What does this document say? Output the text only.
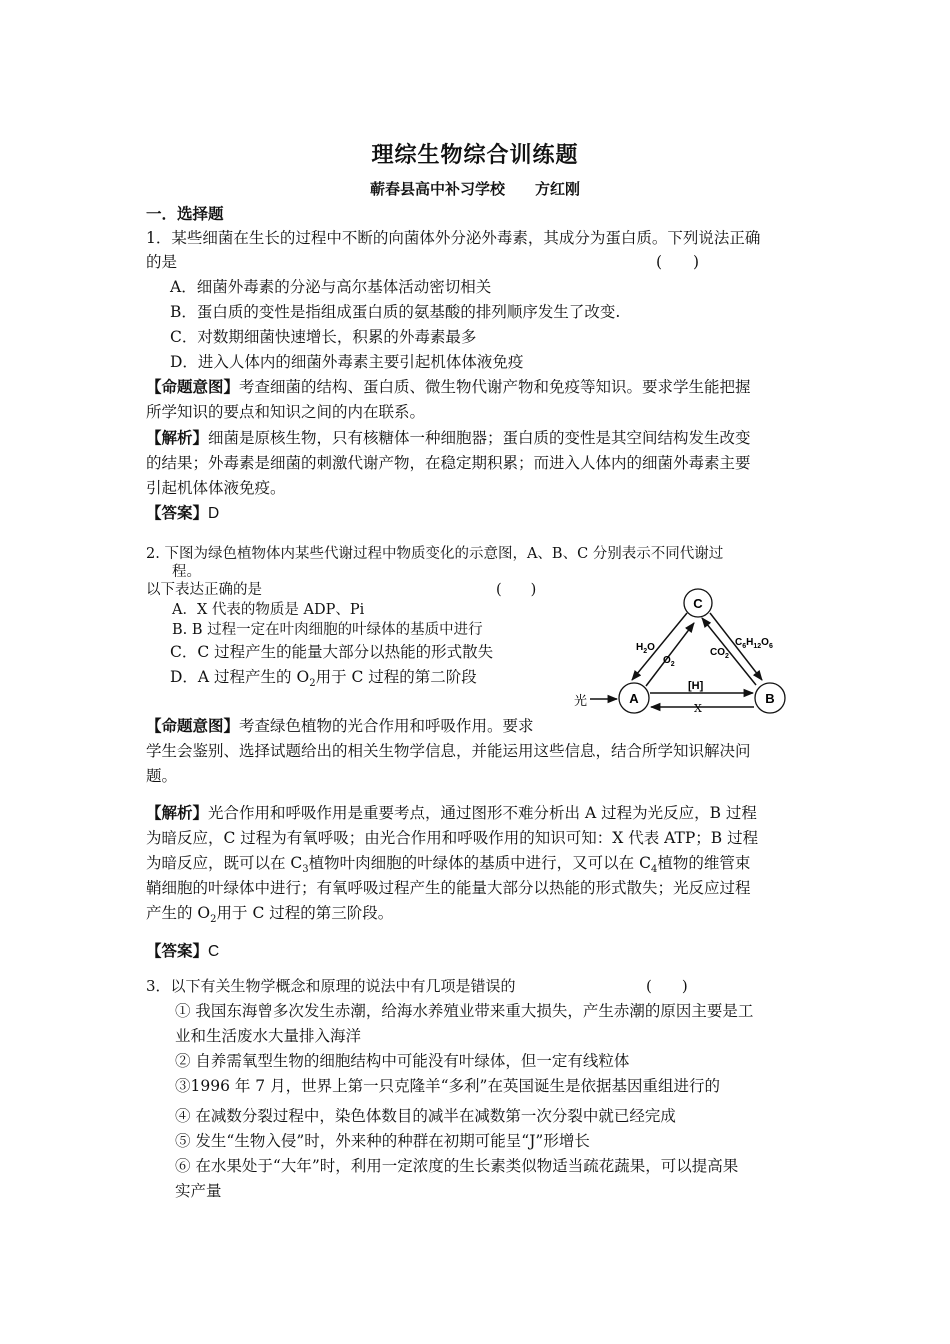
理综生物综合训练题
蕲春县高中补习学校　　方红刚
一．选择题
1．某些细菌在生长的过程中不断的向菌体外分泌外毒素，其成分为蛋白质。下列说法正确
的是	(　　)
A．细菌外毒素的分泌与高尔基体活动密切相关
B．蛋白质的变性是指组成蛋白质的氨基酸的排列顺序发生了改变.
C．对数期细菌快速增长，积累的外毒素最多
D．进入人体内的细菌外毒素主要引起机体体液免疫
【命题意图】考查细菌的结构、蛋白质、微生物代谢产物和免疫等知识。要求学生能把握
所学知识的要点和知识之间的内在联系。
【解析】细菌是原核生物，只有核糖体一种细胞器；蛋白质的变性是其空间结构发生改变
的结果；外毒素是细菌的刺激代谢产物，在稳定期积累；而进入人体内的细菌外毒素主要
引起机体体液免疫。
【答案】D
2. 下图为绿色植物体内某些代谢过程中物质变化的示意图，A、B、C 分别表示不同代谢过
程。
以下表达正确的是	(　　)
A．X 代表的物质是 ADP、Pi
B. B 过程一定在叶肉细胞的叶绿体的基质中进行
C．C 过程产生的能量大部分以热能的形式散失
D．A 过程产生的 $O_2$用于 C 过程的第二阶段
C
A	B
光
[H]
X
$H_2O$
$O_2$
$CO_2$
$C_6H_{12}O_6$
【命题意图】考查绿色植物的光合作用和呼吸作用。要求
学生会鉴别、选择试题给出的相关生物学信息，并能运用这些信息，结合所学知识解决问
题。
【解析】光合作用和呼吸作用是重要考点，通过图形不难分析出 A 过程为光反应，B 过程
为暗反应，C 过程为有氧呼吸；由光合作用和呼吸作用的知识可知：X 代表 ATP；B 过程
为暗反应，既可以在 $C_3$植物叶肉细胞的叶绿体的基质中进行，又可以在 $C_4$植物的维管束
鞘细胞的叶绿体中进行；有氧呼吸过程产生的能量大部分以热能的形式散失；光反应过程
产生的 $O_2$用于 C 过程的第三阶段。
【答案】C
3．以下有关生物学概念和原理的说法中有几项是错误的	(　　)
① 我国东海曾多次发生赤潮，给海水养殖业带来重大损失，产生赤潮的原因主要是工
业和生活废水大量排入海洋
② 自养需氧型生物的细胞结构中可能没有叶绿体，但一定有线粒体
③1996 年 7 月，世界上第一只克隆羊“多利”在英国诞生是依据基因重组进行的
④ 在减数分裂过程中，染色体数目的减半在减数第一次分裂中就已经完成
⑤ 发生“生物入侵”时，外来种的种群在初期可能呈“J”形增长
⑥ 在水果处于“大年”时，利用一定浓度的生长素类似物适当疏花蔬果，可以提高果
实产量
